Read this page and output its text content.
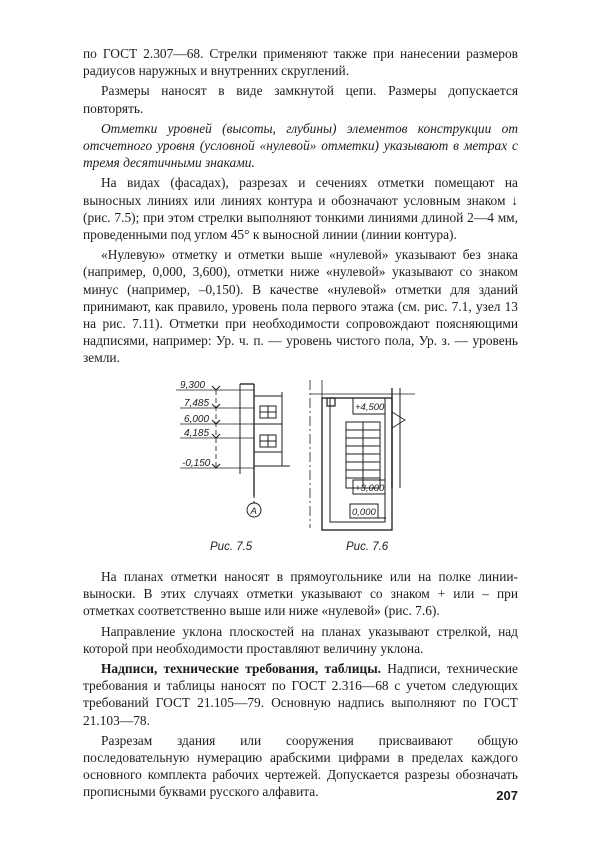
по ГОСТ 2.307—68. Стрелки применяют также при нанесении размеров радиусов наружных и внутренних скруглений.

Размеры наносят в виде замкнутой цепи. Размеры допускается повторять.

Отметки уровней (высоты, глубины) элементов конструкции от отсчетного уровня (условной «нулевой» отметки) указывают в метрах с тремя десятичными знаками.

На видах (фасадах), разрезах и сечениях отметки помещают на выносных линиях или линиях контура и обозначают условным знаком ↓ (рис. 7.5); при этом стрелки выполняют тонкими линиями длиной 2—4 мм, проведенными под углом 45° к выносной линии (линии контура).

«Нулевую» отметку и отметки выше «нулевой» указывают без знака (например, 0,000, 3,600), отметки ниже «нулевой» указывают со знаком минус (например, –0,150). В качестве «нулевой» отметки для зданий принимают, как правило, уровень пола первого этажа (см. рис. 7.1, узел 13 на рис. 7.11). Отметки при необходимости сопровождают поясняющими надписями, например: Ур. ч. п. — уровень чистого пола, Ур. з. — уровень земли.

9,300
7,485
6,000
4,185
-0,150
А
Рис. 7.5
+4,500
+3,000
0,000
Рис. 7.6

На планах отметки наносят в прямоугольнике или на полке линии-выноски. В этих случаях отметки указывают со знаком + или – при отметках соответственно выше или ниже «нулевой» (рис. 7.6).

Направление уклона плоскостей на планах указывают стрелкой, над которой при необходимости проставляют величину уклона.

Надписи, технические требования, таблицы. Надписи, технические требования и таблицы наносят по ГОСТ 2.316—68 с учетом следующих требований ГОСТ 21.105—79. Основную надпись выполняют по ГОСТ 21.103—78.

Разрезам здания или сооружения присваивают общую последовательную нумерацию арабскими цифрами в пределах каждого основного комплекта рабочих чертежей. Допускается разрезы обозначать прописными буквами русского алфавита.	207
